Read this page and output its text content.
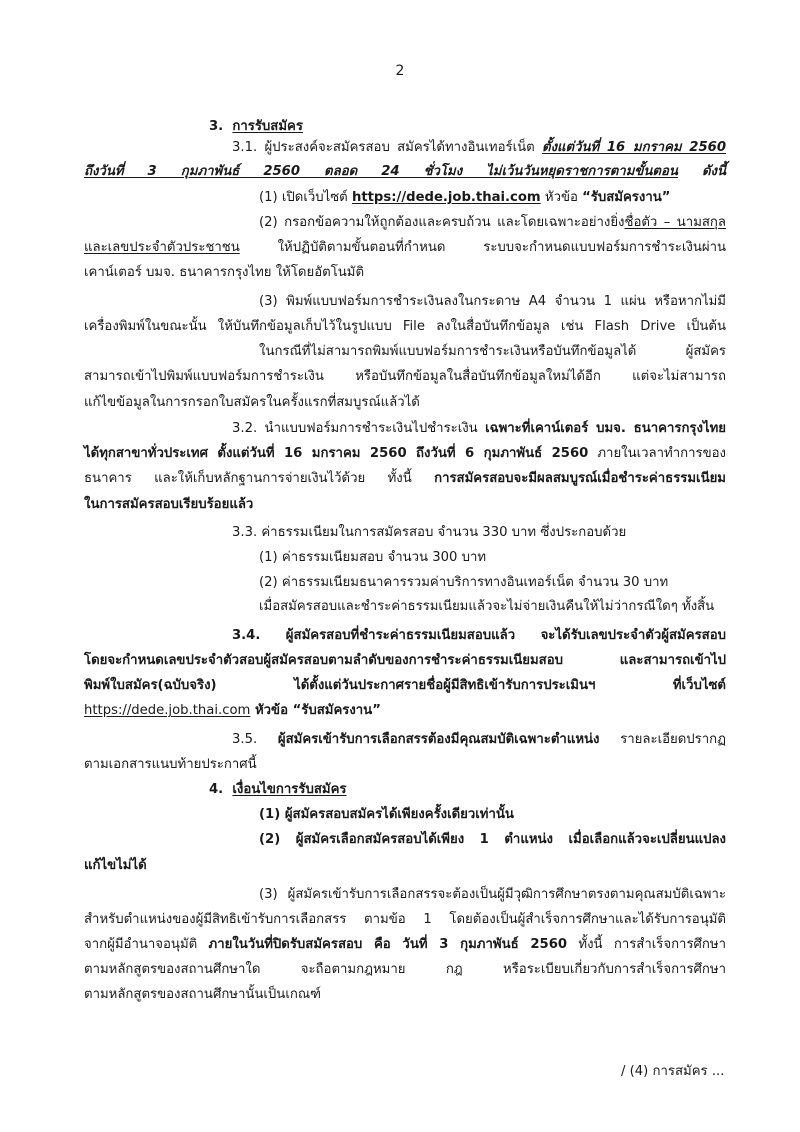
2
3. การรับสมัคร
3.1. ผู้ประสงค์จะสมัครสอบ สมัครได้ทางอินเทอร์เน็ต ตั้งแต่วันที่ 16 มกราคม 2560
ถึงวันที่ 3 กุมภาพันธ์ 2560 ตลอด 24 ชั่วโมง ไม่เว้นวันหยุดราชการตามขั้นตอน ดังนี้
(1) เปิดเว็บไซต์ https://dede.job.thai.com หัวข้อ “รับสมัครงาน”
(2) กรอกข้อความให้ถูกต้องและครบถ้วน และโดยเฉพาะอย่างยิ่งชื่อตัว – นามสกุล
และเลขประจำตัวประชาชน ให้ปฏิบัติตามขั้นตอนที่กำหนด ระบบจะกำหนดแบบฟอร์มการชำระเงินผ่าน
เคาน์เตอร์ บมจ. ธนาคารกรุงไทย ให้โดยอัตโนมัติ
(3) พิมพ์แบบฟอร์มการชำระเงินลงในกระดาษ A4 จำนวน 1 แผ่น หรือหากไม่มี
เครื่องพิมพ์ในขณะนั้น ให้บันทึกข้อมูลเก็บไว้ในรูปแบบ File ลงในสื่อบันทึกข้อมูล เช่น Flash Drive เป็นต้น
ในกรณีที่ไม่สามารถพิมพ์แบบฟอร์มการชำระเงินหรือบันทึกข้อมูลได้ ผู้สมัคร
สามารถเข้าไปพิมพ์แบบฟอร์มการชำระเงิน หรือบันทึกข้อมูลในสื่อบันทึกข้อมูลใหม่ได้อีก แต่จะไม่สามารถ
แก้ไขข้อมูลในการกรอกใบสมัครในครั้งแรกที่สมบูรณ์แล้วได้
3.2. นำแบบฟอร์มการชำระเงินไปชำระเงิน เฉพาะที่เคาน์เตอร์ บมจ. ธนาคารกรุงไทย
ได้ทุกสาขาทั่วประเทศ ตั้งแต่วันที่ 16 มกราคม 2560 ถึงวันที่ 6 กุมภาพันธ์ 2560 ภายในเวลาทำการของ
ธนาคาร และให้เก็บหลักฐานการจ่ายเงินไว้ด้วย ทั้งนี้ การสมัครสอบจะมีผลสมบูรณ์เมื่อชำระค่าธรรมเนียม
ในการสมัครสอบเรียบร้อยแล้ว
3.3. ค่าธรรมเนียมในการสมัครสอบ จำนวน 330 บาท ซึ่งประกอบด้วย
(1) ค่าธรรมเนียมสอบ จำนวน 300 บาท
(2) ค่าธรรมเนียมธนาคารรวมค่าบริการทางอินเทอร์เน็ต จำนวน 30 บาท
เมื่อสมัครสอบและชำระค่าธรรมเนียมแล้วจะไม่จ่ายเงินคืนให้ไม่ว่ากรณีใดๆ ทั้งสิ้น
3.4. ผู้สมัครสอบที่ชำระค่าธรรมเนียมสอบแล้ว จะได้รับเลขประจำตัวผู้สมัครสอบ
โดยจะกำหนดเลขประจำตัวสอบผู้สมัครสอบตามลำดับของการชำระค่าธรรมเนียมสอบ และสามารถเข้าไป
พิมพ์ใบสมัคร(ฉบับจริง) ได้ตั้งแต่วันประกาศรายชื่อผู้มีสิทธิเข้ารับการประเมินฯ ที่เว็บไซต์
https://dede.job.thai.com หัวข้อ “รับสมัครงาน”
3.5. ผู้สมัครเข้ารับการเลือกสรรต้องมีคุณสมบัติเฉพาะตำแหน่ง รายละเอียดปรากฏ
ตามเอกสารแนบท้ายประกาศนี้
4. เงื่อนไขการรับสมัคร
(1) ผู้สมัครสอบสมัครได้เพียงครั้งเดียวเท่านั้น
(2) ผู้สมัครเลือกสมัครสอบได้เพียง 1 ตำแหน่ง เมื่อเลือกแล้วจะเปลี่ยนแปลง
แก้ไขไม่ได้
(3) ผู้สมัครเข้ารับการเลือกสรรจะต้องเป็นผู้มีวุฒิการศึกษาตรงตามคุณสมบัติเฉพาะ
สำหรับตำแหน่งของผู้มีสิทธิเข้ารับการเลือกสรร ตามข้อ 1 โดยต้องเป็นผู้สำเร็จการศึกษาและได้รับการอนุมัติ
จากผู้มีอำนาจอนุมัติ ภายในวันที่ปิดรับสมัครสอบ คือ วันที่ 3 กุมภาพันธ์ 2560 ทั้งนี้ การสำเร็จการศึกษา
ตามหลักสูตรของสถานศึกษาใด จะถือตามกฎหมาย กฎ หรือระเบียบเกี่ยวกับการสำเร็จการศึกษา
ตามหลักสูตรของสถานศึกษานั้นเป็นเกณฑ์
/ (4) การสมัคร ...
